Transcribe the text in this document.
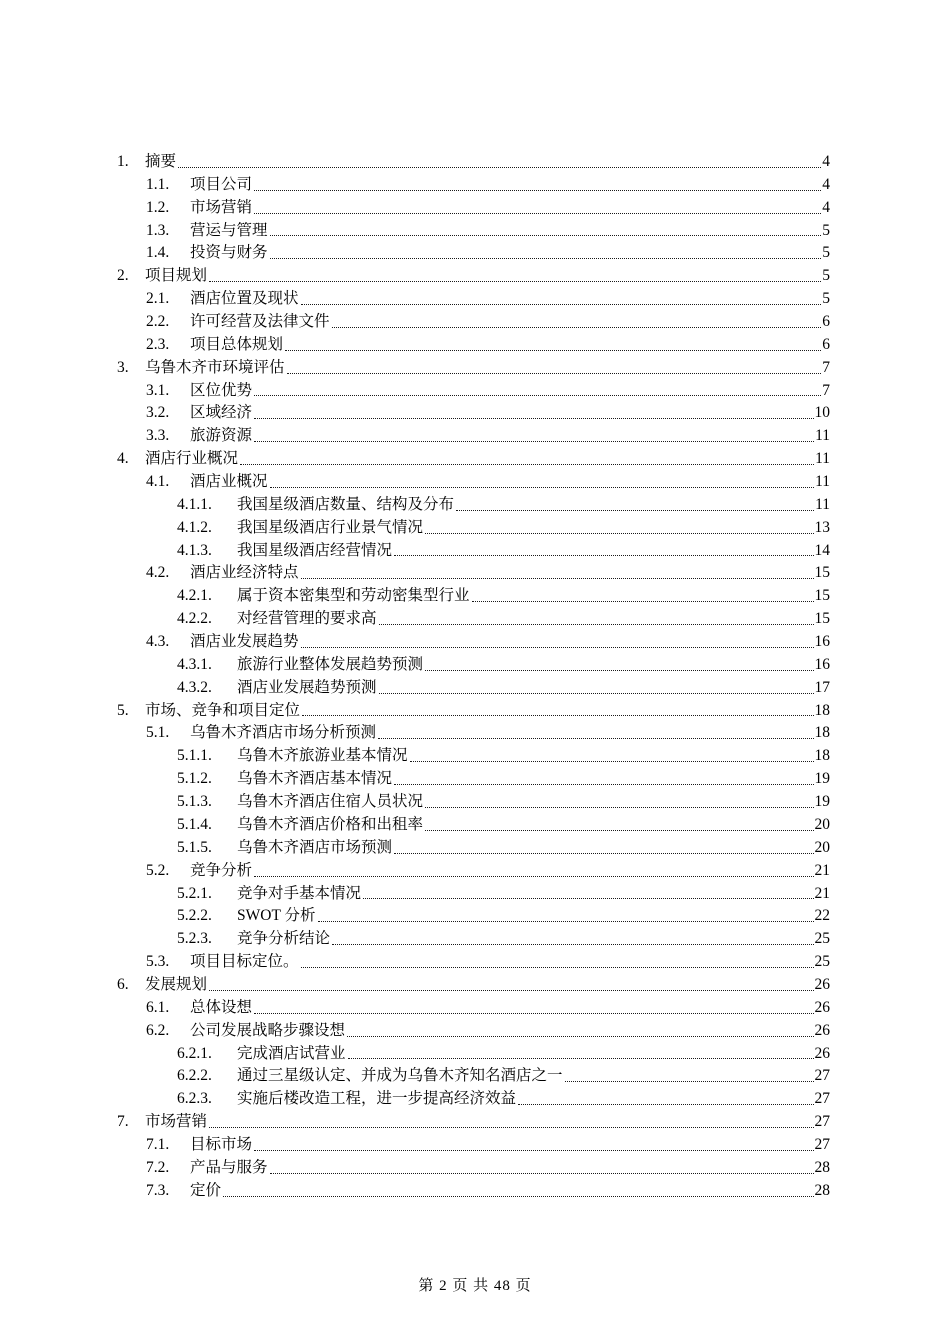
1.	摘要	4
1.1.	项目公司	4
1.2.	市场营销	4
1.3.	营运与管理	5
1.4.	投资与财务	5
2.	项目规划	5
2.1.	酒店位置及现状	5
2.2.	许可经营及法律文件	6
2.3.	项目总体规划	6
3.	乌鲁木齐市环境评估	7
3.1.	区位优势	7
3.2.	区域经济	10
3.3.	旅游资源	11
4.	酒店行业概况	11
4.1.	酒店业概况	11
4.1.1.	我国星级酒店数量、结构及分布	11
4.1.2.	我国星级酒店行业景气情况	13
4.1.3.	我国星级酒店经营情况	14
4.2.	酒店业经济特点	15
4.2.1.	属于资本密集型和劳动密集型行业	15
4.2.2.	对经营管理的要求高	15
4.3.	酒店业发展趋势	16
4.3.1.	旅游行业整体发展趋势预测	16
4.3.2.	酒店业发展趋势预测	17
5.	市场、竞争和项目定位	18
5.1.	乌鲁木齐酒店市场分析预测	18
5.1.1.	乌鲁木齐旅游业基本情况	18
5.1.2.	乌鲁木齐酒店基本情况	19
5.1.3.	乌鲁木齐酒店住宿人员状况	19
5.1.4.	乌鲁木齐酒店价格和出租率	20
5.1.5.	乌鲁木齐酒店市场预测	20
5.2.	竞争分析	21
5.2.1.	竞争对手基本情况	21
5.2.2.	SWOT 分析	22
5.2.3.	竞争分析结论	25
5.3.	项目目标定位。	25
6.	发展规划	26
6.1.	总体设想	26
6.2.	公司发展战略步骤设想	26
6.2.1.	完成酒店试营业	26
6.2.2.	通过三星级认定、并成为乌鲁木齐知名酒店之一	27
6.2.3.	实施后楼改造工程，进一步提高经济效益	27
7.	市场营销	27
7.1.	目标市场	27
7.2.	产品与服务	28
7.3.	定价	28
第 2 页 共 48 页
